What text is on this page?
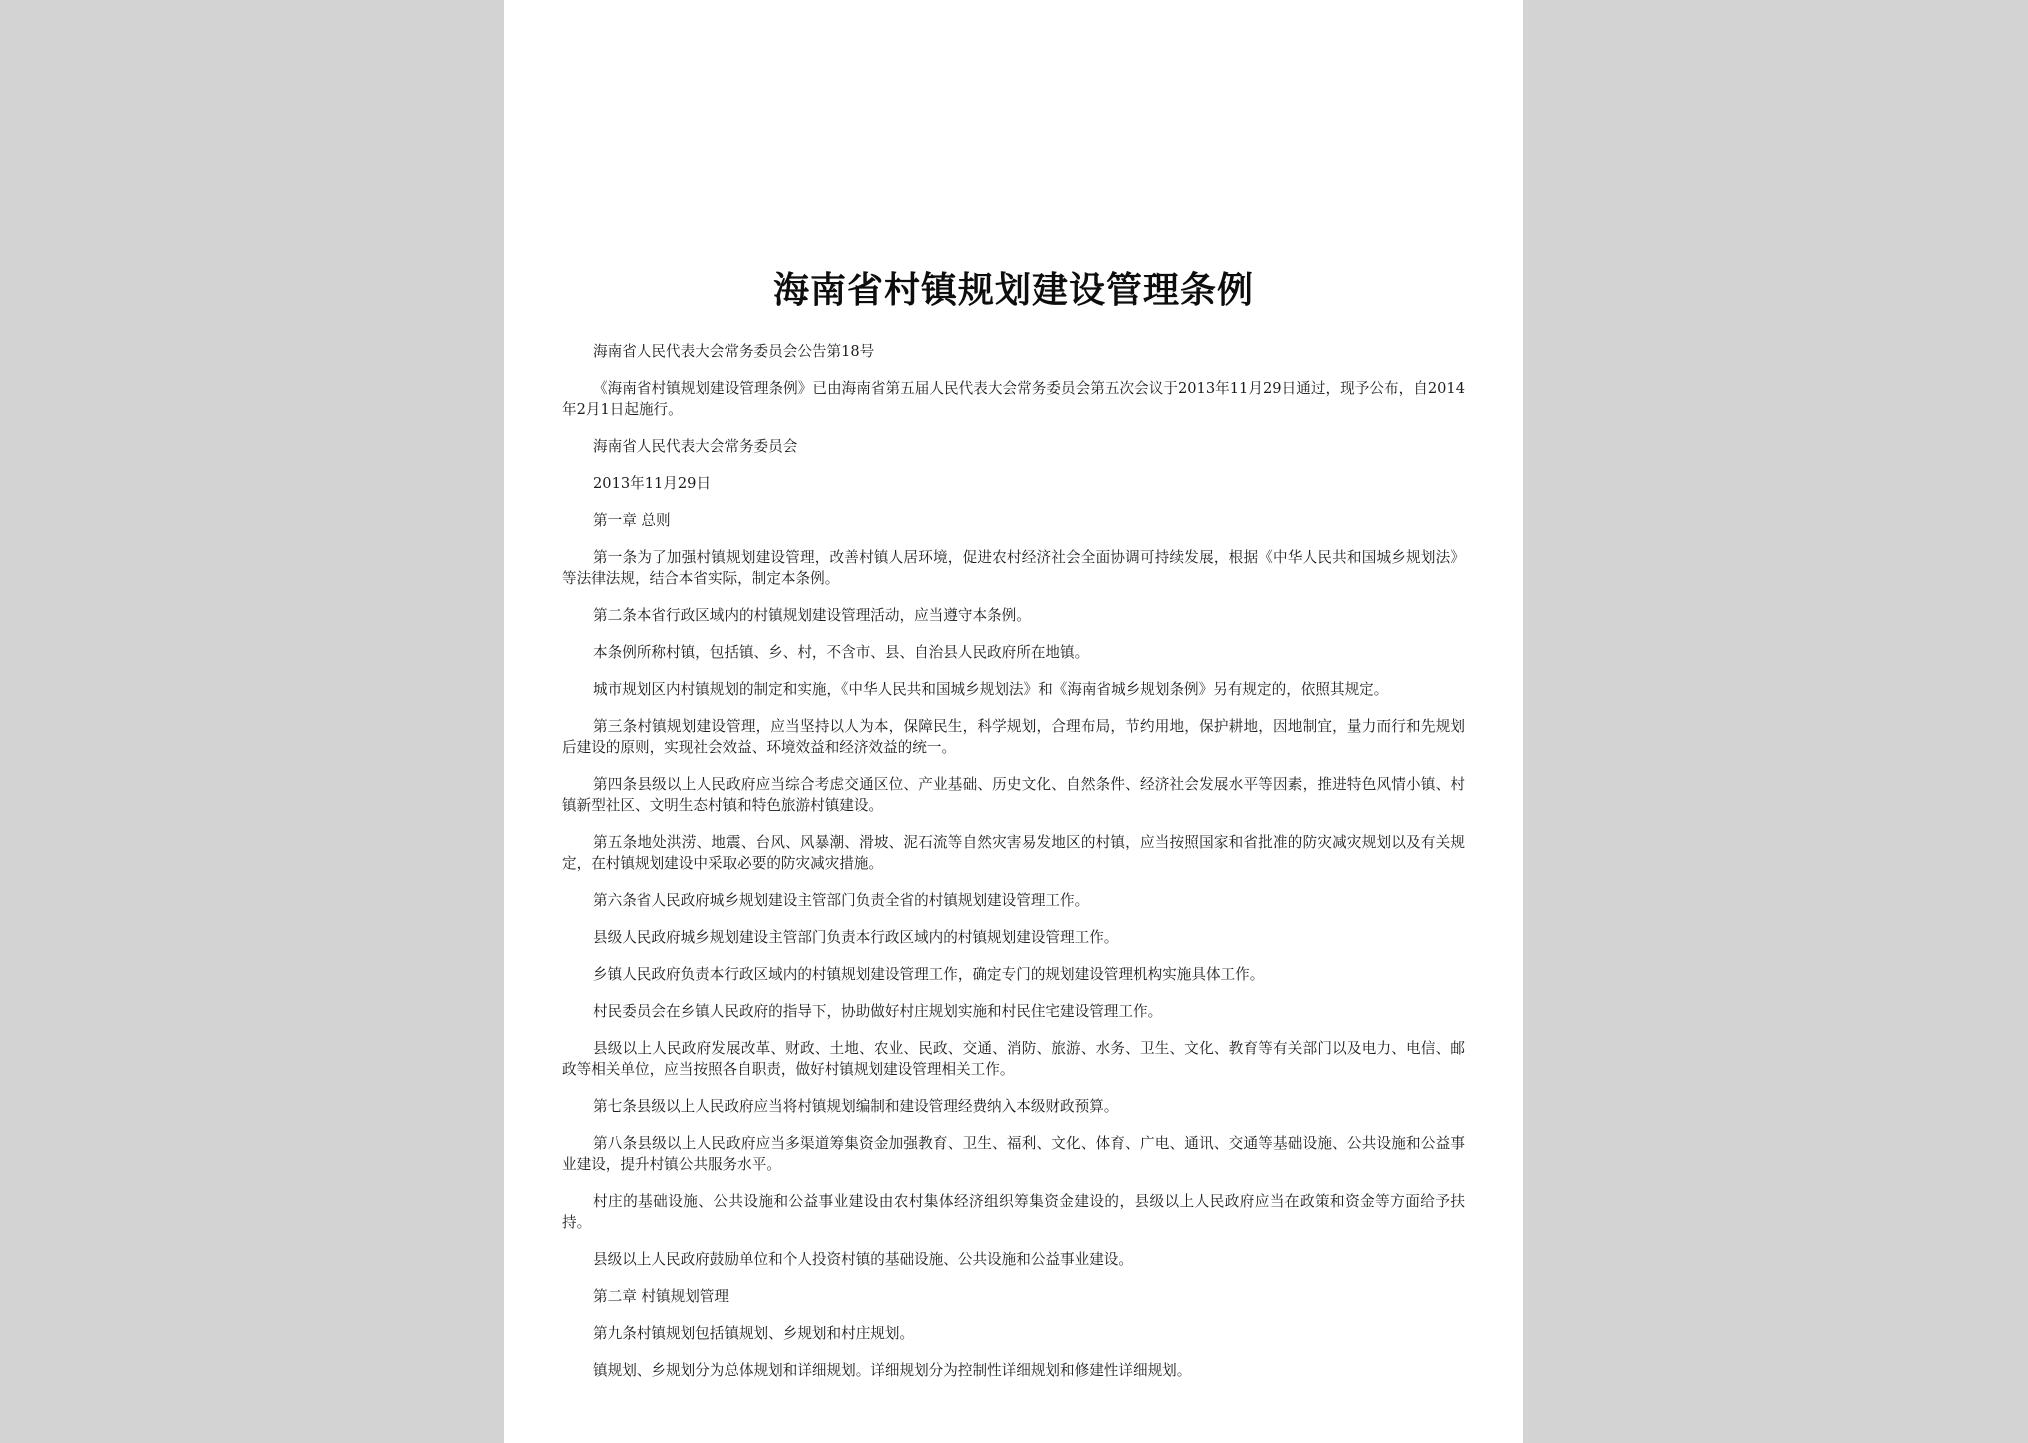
海南省村镇规划建设管理条例
海南省人民代表大会常务委员会公告第18号
《海南省村镇规划建设管理条例》已由海南省第五届人民代表大会常务委员会第五次会议于2013年11月29日通过，现予公布，自2014年2月1日起施行。
海南省人民代表大会常务委员会
2013年11月29日
第一章 总则
第一条为了加强村镇规划建设管理，改善村镇人居环境，促进农村经济社会全面协调可持续发展，根据《中华人民共和国城乡规划法》等法律法规，结合本省实际，制定本条例。
第二条本省行政区域内的村镇规划建设管理活动，应当遵守本条例。
本条例所称村镇，包括镇、乡、村，不含市、县、自治县人民政府所在地镇。
城市规划区内村镇规划的制定和实施，《中华人民共和国城乡规划法》和《海南省城乡规划条例》另有规定的，依照其规定。
第三条村镇规划建设管理，应当坚持以人为本，保障民生，科学规划，合理布局，节约用地，保护耕地，因地制宜，量力而行和先规划后建设的原则，实现社会效益、环境效益和经济效益的统一。
第四条县级以上人民政府应当综合考虑交通区位、产业基础、历史文化、自然条件、经济社会发展水平等因素，推进特色风情小镇、村镇新型社区、文明生态村镇和特色旅游村镇建设。
第五条地处洪涝、地震、台风、风暴潮、滑坡、泥石流等自然灾害易发地区的村镇，应当按照国家和省批准的防灾减灾规划以及有关规定，在村镇规划建设中采取必要的防灾减灾措施。
第六条省人民政府城乡规划建设主管部门负责全省的村镇规划建设管理工作。
县级人民政府城乡规划建设主管部门负责本行政区域内的村镇规划建设管理工作。
乡镇人民政府负责本行政区域内的村镇规划建设管理工作，确定专门的规划建设管理机构实施具体工作。
村民委员会在乡镇人民政府的指导下，协助做好村庄规划实施和村民住宅建设管理工作。
县级以上人民政府发展改革、财政、土地、农业、民政、交通、消防、旅游、水务、卫生、文化、教育等有关部门以及电力、电信、邮政等相关单位，应当按照各自职责，做好村镇规划建设管理相关工作。
第七条县级以上人民政府应当将村镇规划编制和建设管理经费纳入本级财政预算。
第八条县级以上人民政府应当多渠道筹集资金加强教育、卫生、福利、文化、体育、广电、通讯、交通等基础设施、公共设施和公益事业建设，提升村镇公共服务水平。
村庄的基础设施、公共设施和公益事业建设由农村集体经济组织筹集资金建设的，县级以上人民政府应当在政策和资金等方面给予扶持。
县级以上人民政府鼓励单位和个人投资村镇的基础设施、公共设施和公益事业建设。
第二章 村镇规划管理
第九条村镇规划包括镇规划、乡规划和村庄规划。
镇规划、乡规划分为总体规划和详细规划。详细规划分为控制性详细规划和修建性详细规划。
